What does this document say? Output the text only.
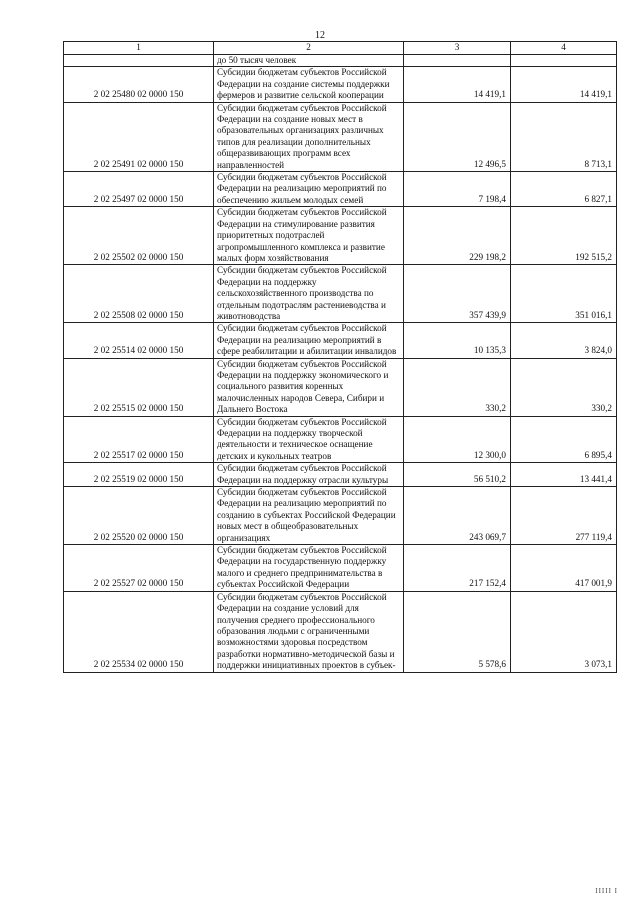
12
1	2	3	4
	до 50 тысяч человек		
2 02 25480 02 0000 150	Субсидии бюджетам субъектов Российской Федерации на создание системы поддержки фермеров и развитие сельской кооперации	14 419,1	14 419,1
2 02 25491 02 0000 150	Субсидии бюджетам субъектов Российской Федерации на создание новых мест в образовательных организациях различных типов для реализации дополнительных общеразвивающих программ всех направленностей	12 496,5	8 713,1
2 02 25497 02 0000 150	Субсидии бюджетам субъектов Российской Федерации на реализацию мероприятий по обеспечению жильем молодых семей	7 198,4	6 827,1
2 02 25502 02 0000 150	Субсидии бюджетам субъектов Российской Федерации на стимулирование развития приоритетных подотраслей агропромышленного комплекса и развитие малых форм хозяйствования	229 198,2	192 515,2
2 02 25508 02 0000 150	Субсидии бюджетам субъектов Российской Федерации на поддержку сельскохозяйственного производства по отдельным подотраслям растениеводства и животноводства	357 439,9	351 016,1
2 02 25514 02 0000 150	Субсидии бюджетам субъектов Российской Федерации на реализацию мероприятий в сфере реабилитации и абилитации инвалидов	10 135,3	3 824,0
2 02 25515 02 0000 150	Субсидии бюджетам субъектов Российской Федерации на поддержку экономического и социального развития коренных малочисленных народов Севера, Сибири и Дальнего Востока	330,2	330,2
2 02 25517 02 0000 150	Субсидии бюджетам субъектов Российской Федерации на поддержку творческой деятельности и техническое оснащение детских и кукольных театров	12 300,0	6 895,4
2 02 25519 02 0000 150	Субсидии бюджетам субъектов Российской Федерации на поддержку отрасли культуры	56 510,2	13 441,4
2 02 25520 02 0000 150	Субсидии бюджетам субъектов Российской Федерации на реализацию мероприятий по созданию в субъектах Российской Федерации новых мест в общеобразовательных организациях	243 069,7	277 119,4
2 02 25527 02 0000 150	Субсидии бюджетам субъектов Российской Федерации на государственную поддержку малого и среднего предпринимательства в субъектах Российской Федерации	217 152,4	417 001,9
2 02 25534 02 0000 150	Субсидии бюджетам субъектов Российской Федерации на создание условий для получения среднего профессионального образования людьми с ограниченными возможностями здоровья посредством разработки нормативно-методической базы и поддержки инициативных проектов в субъек-	5 578,6	3 073,1
IIIII I
